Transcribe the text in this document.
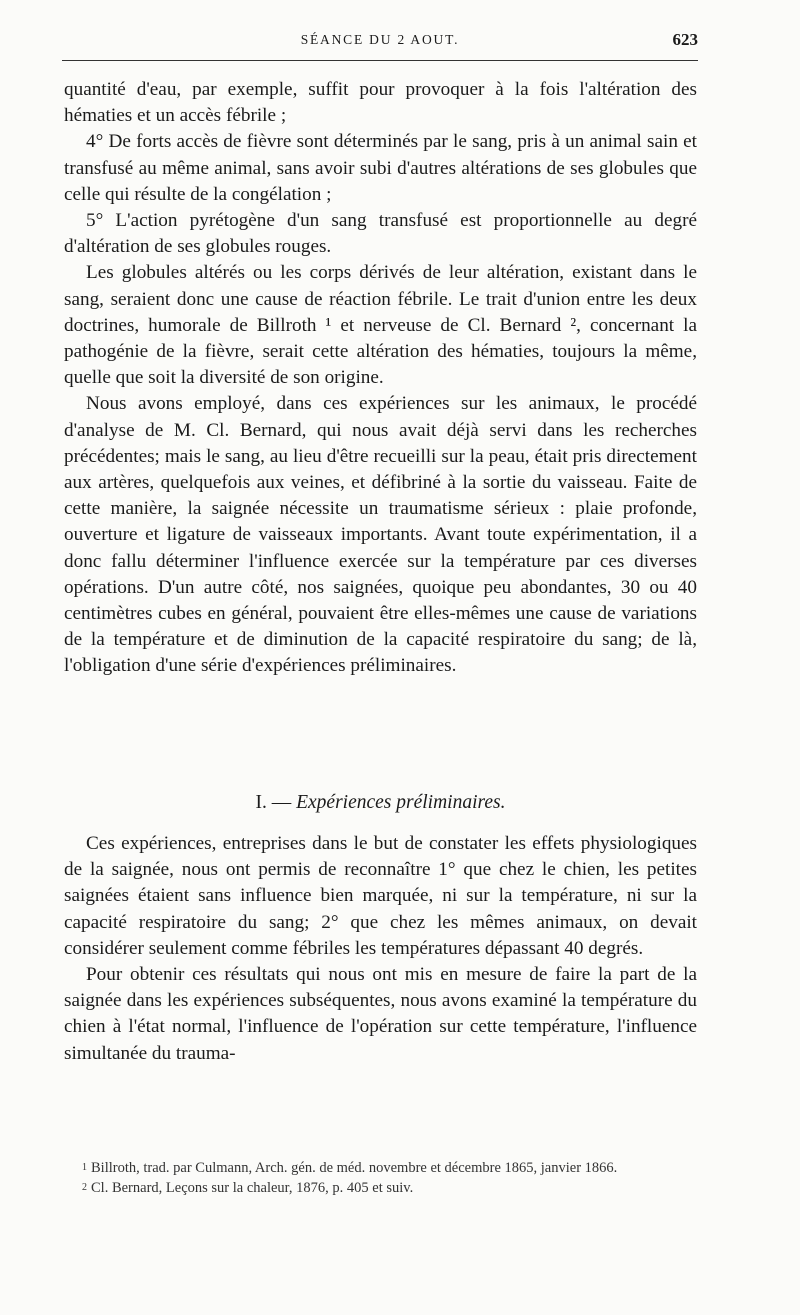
SÉANCE DU 2 AOUT.	623

quantité d'eau, par exemple, suffit pour provoquer à la fois l'altération des hématies et un accès fébrile ;

4° De forts accès de fièvre sont déterminés par le sang, pris à un animal sain et transfusé au même animal, sans avoir subi d'autres altérations de ses globules que celle qui résulte de la congélation ;

5° L'action pyrétogène d'un sang transfusé est proportionnelle au degré d'altération de ses globules rouges.

Les globules altérés ou les corps dérivés de leur altération, existant dans le sang, seraient donc une cause de réaction fébrile. Le trait d'union entre les deux doctrines, humorale de Billroth ¹ et nerveuse de Cl. Bernard ², concernant la pathogénie de la fièvre, serait cette altération des hématies, toujours la même, quelle que soit la diversité de son origine.

Nous avons employé, dans ces expériences sur les animaux, le procédé d'analyse de M. Cl. Bernard, qui nous avait déjà servi dans les recherches précédentes; mais le sang, au lieu d'être recueilli sur la peau, était pris directement aux artères, quelquefois aux veines, et défibriné à la sortie du vaisseau. Faite de cette manière, la saignée nécessite un traumatisme sérieux : plaie profonde, ouverture et ligature de vaisseaux importants. Avant toute expérimentation, il a donc fallu déterminer l'influence exercée sur la température par ces diverses opérations. D'un autre côté, nos saignées, quoique peu abondantes, 30 ou 40 centimètres cubes en général, pouvaient être elles-mêmes une cause de variations de la température et de diminution de la capacité respiratoire du sang; de là, l'obligation d'une série d'expériences préliminaires.

I. — Expériences préliminaires.

Ces expériences, entreprises dans le but de constater les effets physiologiques de la saignée, nous ont permis de reconnaître 1° que chez le chien, les petites saignées étaient sans influence bien marquée, ni sur la température, ni sur la capacité respiratoire du sang; 2° que chez les mêmes animaux, on devait considérer seulement comme fébriles les températures dépassant 40 degrés.

Pour obtenir ces résultats qui nous ont mis en mesure de faire la part de la saignée dans les expériences subséquentes, nous avons examiné la température du chien à l'état normal, l'influence de l'opération sur cette température, l'influence simultanée du trauma-

1 Billroth, trad. par Culmann, Arch. gén. de méd. novembre et décembre 1865, janvier 1866.

2 Cl. Bernard, Leçons sur la chaleur, 1876, p. 405 et suiv.
